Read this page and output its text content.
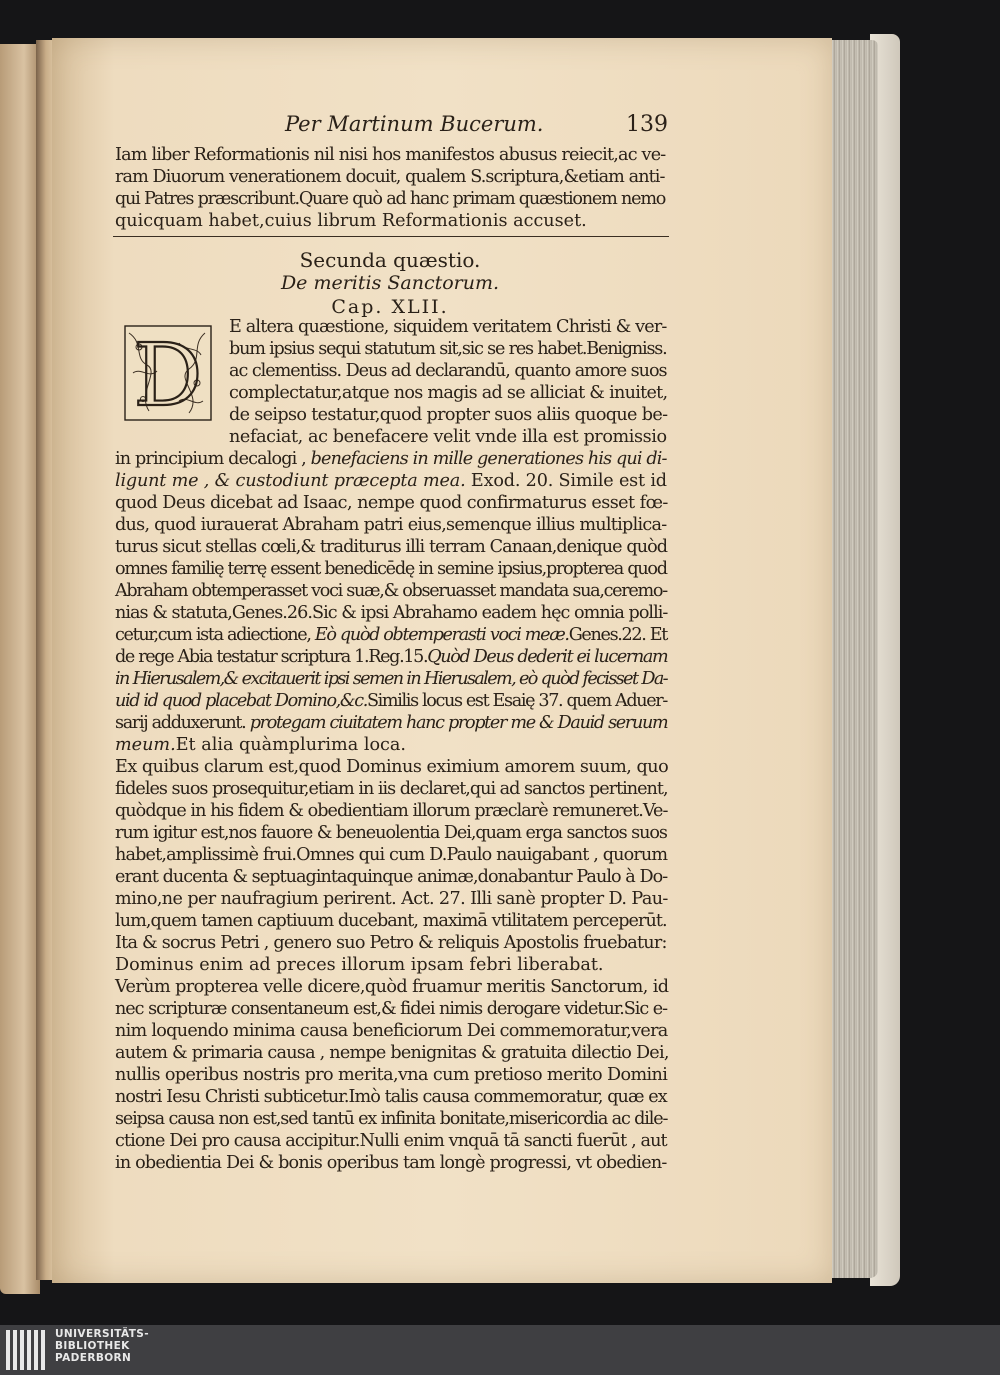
Per Martinum Bucerum.	139
Iam liber Reformationis nil nisi hos manifestos abusus reiecit,ac ve-
ram Diuorum venerationem docuit, qualem S.scriptura,&etiam anti-
qui Patres præscribunt.Quare quò ad hanc primam quæstionem nemo
quicquam habet,cuius librum Reformationis accuset.
Secunda quæstio.
De meritis Sanctorum.
Cap. XLII.
D E altera quæstione, siquidem veritatem Christi & ver-
bum ipsius sequi statutum sit,sic se res habet.Benigniss.
ac clementiss. Deus ad declarandū, quanto amore suos
complectatur,atque nos magis ad se alliciat & inuitet,
de seipso testatur,quod propter suos aliis quoque be-
nefaciat, ac benefacere velit vnde illa est promissio
in principium decalogi , benefaciens in mille generationes his qui di-
ligunt me , & custodiunt præcepta mea. Exod. 20. Simile est id
quod Deus dicebat ad Isaac, nempe quod confirmaturus esset fœ-
dus, quod iurauerat Abraham patri eius,semenque illius multiplica-
turus sicut stellas cœli,& traditurus illi terram Canaan,denique quòd
omnes familię terrę essent benedicēdę in semine ipsius,propterea quod
Abraham obtemperasset voci suæ,& obseruasset mandata sua,ceremo-
nias & statuta,Genes.26.Sic & ipsi Abrahamo eadem hęc omnia polli-
cetur,cum ista adiectione, Eò quòd obtemperasti voci meæ.Genes.22. Et
de rege Abia testatur scriptura 1.Reg.15.Quòd Deus dederit ei lucernam
in Hierusalem,& excitauerit ipsi semen in Hierusalem, eò quòd fecisset Da-
uid id quod placebat Domino,&c.Similis locus est Esaię 37. quem Aduer-
sarij adduxerunt. protegam ciuitatem hanc propter me & Dauid seruum
meum.Et alia quàmplurima loca.
Ex quibus clarum est,quod Dominus eximium amorem suum, quo
fideles suos prosequitur,etiam in iis declaret,qui ad sanctos pertinent,
quòdque in his fidem & obedientiam illorum præclarè remuneret.Ve-
rum igitur est,nos fauore & beneuolentia Dei,quam erga sanctos suos
habet,amplissimè frui.Omnes qui cum D.Paulo nauigabant , quorum
erant ducenta & septuagintaquinque animæ,donabantur Paulo à Do-
mino,ne per naufragium perirent. Act. 27. Illi sanè propter D. Pau-
lum,quem tamen captiuum ducebant, maximā vtilitatem perceperūt.
Ita & socrus Petri , genero suo Petro & reliquis Apostolis fruebatur:
Dominus enim ad preces illorum ipsam febri liberabat.
Verùm propterea velle dicere,quòd fruamur meritis Sanctorum, id
nec scripturæ consentaneum est,& fidei nimis derogare videtur.Sic e-
nim loquendo minima causa beneficiorum Dei commemoratur,vera
autem & primaria causa , nempe benignitas & gratuita dilectio Dei,
nullis operibus nostris pro merita,vna cum pretioso merito Domini
nostri Iesu Christi subticetur.Imò talis causa commemoratur, quæ ex
seipsa causa non est,sed tantū ex infinita bonitate,misericordia ac dile-
ctione Dei pro causa accipitur.Nulli enim vnquā tā sancti fuerūt , aut
in obedientia Dei & bonis operibus tam longè progressi, vt obedien-
UNIVERSITÄTS-
BIBLIOTHEK
PADERBORN
